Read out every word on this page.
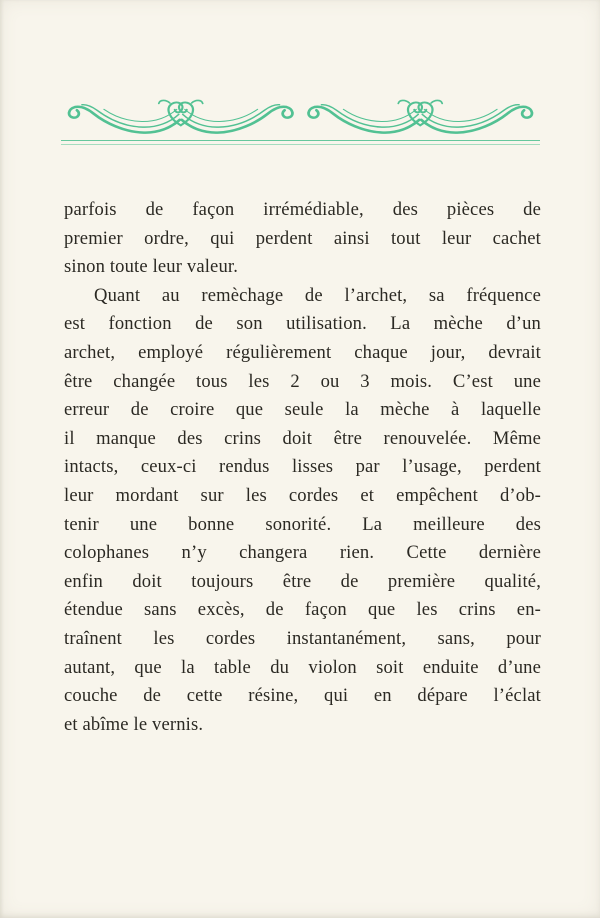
parfois de façon irrémédiable, des pièces de
premier ordre, qui perdent ainsi tout leur cachet
sinon toute leur valeur.
Quant au remèchage de l’archet, sa fréquence
est fonction de son utilisation. La mèche d’un
archet, employé régulièrement chaque jour, devrait
être changée tous les 2 ou 3 mois. C’est une
erreur de croire que seule la mèche à laquelle
il manque des crins doit être renouvelée. Même
intacts, ceux-ci rendus lisses par l’usage, perdent
leur mordant sur les cordes et empêchent d’ob-
tenir une bonne sonorité. La meilleure des
colophanes n’y changera rien. Cette dernière
enfin doit toujours être de première qualité,
étendue sans excès, de façon que les crins en-
traînent les cordes instantanément, sans, pour
autant, que la table du violon soit enduite d’une
couche de cette résine, qui en dépare l’éclat
et abîme le vernis.
